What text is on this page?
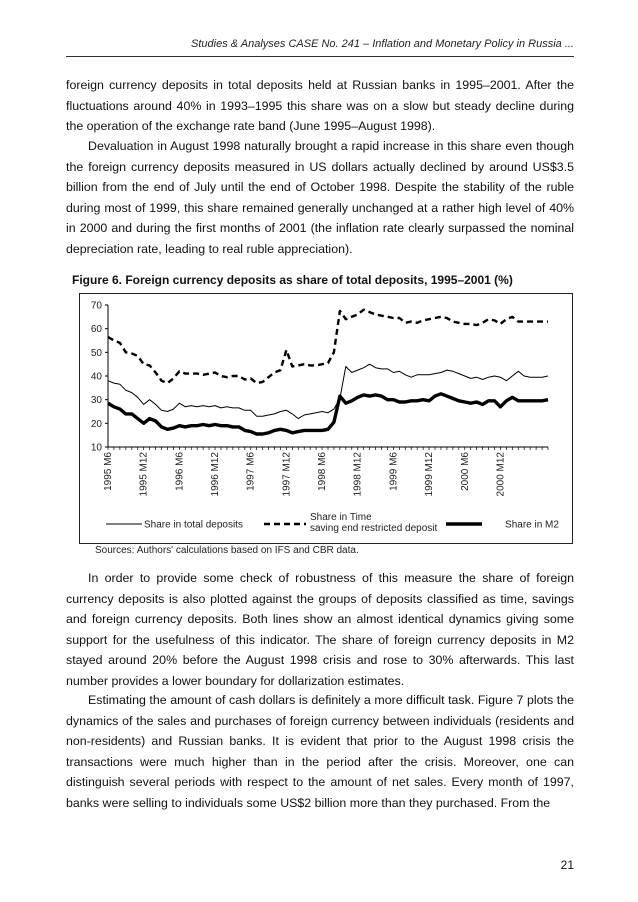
Studies & Analyses CASE No. 241 – Inflation and Monetary Policy in Russia ...

foreign currency deposits in total deposits held at Russian banks in 1995–2001. After the fluctuations around 40% in 1993–1995 this share was on a slow but steady decline during the operation of the exchange rate band (June 1995–August 1998).

Devaluation in August 1998 naturally brought a rapid increase in this share even though the foreign currency deposits measured in US dollars actually declined by around US$3.5 billion from the end of July until the end of October 1998. Despite the stability of the ruble during most of 1999, this share remained generally unchanged at a rather high level of 40% in 2000 and during the first months of 2001 (the inflation rate clearly surpassed the nominal depreciation rate, leading to real ruble appreciation).

Figure 6. Foreign currency deposits as share of total deposits, 1995–2001 (%)
10
20
30
40
50
60
70
1995 M6 1995 M12 1996 M6 1996 M12 1997 M6 1997 M12 1998 M6 1998 M12 1999 M6 1999 M12 2000 M6 2000 M12
Share in total deposits
Share in Time saving end restricted deposit	Share in M2
Sources: Authors' calculations based on IFS and CBR data.

In order to provide some check of robustness of this measure the share of foreign currency deposits is also plotted against the groups of deposits classified as time, savings and foreign currency deposits. Both lines show an almost identical dynamics giving some support for the usefulness of this indicator. The share of foreign currency deposits in M2 stayed around 20% before the August 1998 crisis and rose to 30% afterwards. This last number provides a lower boundary for dollarization estimates.

Estimating the amount of cash dollars is definitely a more difficult task. Figure 7 plots the dynamics of the sales and purchases of foreign currency between individuals (residents and non-residents) and Russian banks. It is evident that prior to the August 1998 crisis the transactions were much higher than in the period after the crisis. Moreover, one can distinguish several periods with respect to the amount of net sales. Every month of 1997, banks were selling to individuals some US$2 billion more than they purchased. From the

21
